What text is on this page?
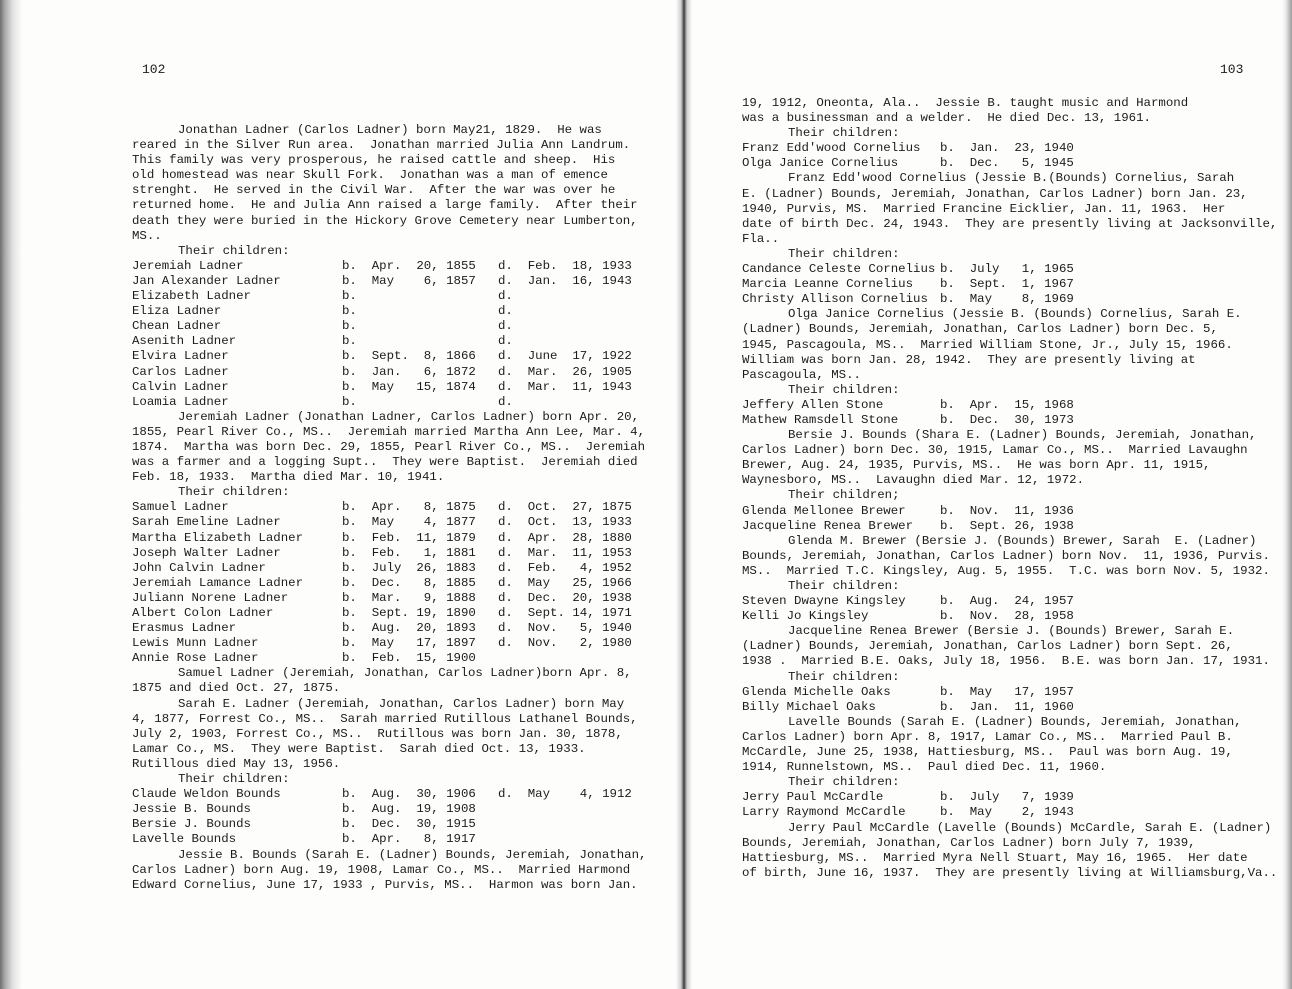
102
Jonathan Ladner (Carlos Ladner) born May21, 1829.  He was
reared in the Silver Run area.  Jonathan married Julia Ann Landrum.
This family was very prosperous, he raised cattle and sheep.  His
old homestead was near Skull Fork.  Jonathan was a man of emence
strenght.  He served in the Civil War.  After the war was over he
returned home.  He and Julia Ann raised a large family.  After their
death they were buried in the Hickory Grove Cemetery near Lumberton,
MS..
Their children:
Jeremiah Ladner	b.  Apr.  20, 1855 d.  Feb.  18, 1933
Jan Alexander Ladner	b.  May    6, 1857 d.  Jan.  16, 1943
Elizabeth Ladner	b.	d.
Eliza Ladner	b.	d.
Chean Ladner	b.	d.
Asenith Ladner	b.	d.
Elvira Ladner	b.  Sept.  8, 1866 d.  June  17, 1922
Carlos Ladner	b.  Jan.   6, 1872 d.  Mar.  26, 1905
Calvin Ladner	b.  May   15, 1874 d.  Mar.  11, 1943
Loamia Ladner	b.	d.
Jeremiah Ladner (Jonathan Ladner, Carlos Ladner) born Apr. 20,
1855, Pearl River Co., MS..  Jeremiah married Martha Ann Lee, Mar. 4,
1874.  Martha was born Dec. 29, 1855, Pearl River Co., MS..  Jeremiah
was a farmer and a logging Supt..  They were Baptist.  Jeremiah died
Feb. 18, 1933.  Martha died Mar. 10, 1941.
Their children:
Samuel Ladner	b.  Apr.   8, 1875 d.  Oct.  27, 1875
Sarah Emeline Ladner	b.  May    4, 1877 d.  Oct.  13, 1933
Martha Elizabeth Ladner	b.  Feb.  11, 1879 d.  Apr.  28, 1880
Joseph Walter Ladner	b.  Feb.   1, 1881 d.  Mar.  11, 1953
John Calvin Ladner	b.  July  26, 1883 d.  Feb.   4, 1952
Jeremiah Lamance Ladner	b.  Dec.   8, 1885 d.  May   25, 1966
Juliann Norene Ladner	b.  Mar.   9, 1888 d.  Dec.  20, 1938
Albert Colon Ladner	b.  Sept. 19, 1890 d.  Sept. 14, 1971
Erasmus Ladner	b.  Aug.  20, 1893 d.  Nov.   5, 1940
Lewis Munn Ladner	b.  May   17, 1897 d.  Nov.   2, 1980
Annie Rose Ladner	b.  Feb.  15, 1900
Samuel Ladner (Jeremiah, Jonathan, Carlos Ladner)born Apr. 8,
1875 and died Oct. 27, 1875.
Sarah E. Ladner (Jeremiah, Jonathan, Carlos Ladner) born May
4, 1877, Forrest Co., MS..  Sarah married Rutillous Lathanel Bounds,
July 2, 1903, Forrest Co., MS..  Rutillous was born Jan. 30, 1878,
Lamar Co., MS.  They were Baptist.  Sarah died Oct. 13, 1933.
Rutillous died May 13, 1956.
Their children:
Claude Weldon Bounds	b.  Aug.  30, 1906 d.  May    4, 1912
Jessie B. Bounds	b.  Aug.  19, 1908
Bersie J. Bounds	b.  Dec.  30, 1915
Lavelle Bounds	b.  Apr.   8, 1917
Jessie B. Bounds (Sarah E. (Ladner) Bounds, Jeremiah, Jonathan,
Carlos Ladner) born Aug. 19, 1908, Lamar Co., MS..  Married Harmond
Edward Cornelius, June 17, 1933 , Purvis, MS..  Harmon was born Jan.
103
19, 1912, Oneonta, Ala..  Jessie B. taught music and Harmond
was a businessman and a welder.  He died Dec. 13, 1961.
Their children:
Franz Edd'wood Cornelius b.  Jan.  23, 1940
Olga Janice Cornelius	b.  Dec.   5, 1945
Franz Edd'wood Cornelius (Jessie B.(Bounds) Cornelius, Sarah
E. (Ladner) Bounds, Jeremiah, Jonathan, Carlos Ladner) born Jan. 23,
1940, Purvis, MS.  Married Francine Eicklier, Jan. 11, 1963.  Her
date of birth Dec. 24, 1943.  They are presently living at Jacksonville,
Fla..
Their children:
Candance Celeste Cornelius b.  July   1, 1965
Marcia Leanne Cornelius b.  Sept.  1, 1967
Christy Allison Cornelius b.  May    8, 1969
Olga Janice Cornelius (Jessie B. (Bounds) Cornelius, Sarah E.
(Ladner) Bounds, Jeremiah, Jonathan, Carlos Ladner) born Dec. 5,
1945, Pascagoula, MS..  Married William Stone, Jr., July 15, 1966.
William was born Jan. 28, 1942.  They are presently living at
Pascagoula, MS..
Their children:
Jeffery Allen Stone	b.  Apr.  15, 1968
Mathew Ramsdell Stone	b.  Dec.  30, 1973
Bersie J. Bounds (Shara E. (Ladner) Bounds, Jeremiah, Jonathan,
Carlos Ladner) born Dec. 30, 1915, Lamar Co., MS..  Married Lavaughn
Brewer, Aug. 24, 1935, Purvis, MS..  He was born Apr. 11, 1915,
Waynesboro, MS..  Lavaughn died Mar. 12, 1972.
Their children;
Glenda Mellonee Brewer	b.  Nov.  11, 1936
Jacqueline Renea Brewer b.  Sept. 26, 1938
Glenda M. Brewer (Bersie J. (Bounds) Brewer, Sarah  E. (Ladner)
Bounds, Jeremiah, Jonathan, Carlos Ladner) born Nov.  11, 1936, Purvis.
MS..  Married T.C. Kingsley, Aug. 5, 1955.  T.C. was born Nov. 5, 1932.
Their children:
Steven Dwayne Kingsley	b.  Aug.  24, 1957
Kelli Jo Kingsley	b.  Nov.  28, 1958
Jacqueline Renea Brewer (Bersie J. (Bounds) Brewer, Sarah E.
(Ladner) Bounds, Jeremiah, Jonathan, Carlos Ladner) born Sept. 26,
1938 .  Married B.E. Oaks, July 18, 1956.  B.E. was born Jan. 17, 1931.
Their children:
Glenda Michelle Oaks	b.  May   17, 1957
Billy Michael Oaks	b.  Jan.  11, 1960
Lavelle Bounds (Sarah E. (Ladner) Bounds, Jeremiah, Jonathan,
Carlos Ladner) born Apr. 8, 1917, Lamar Co., MS..  Married Paul B.
McCardle, June 25, 1938, Hattiesburg, MS..  Paul was born Aug. 19,
1914, Runnelstown, MS..  Paul died Dec. 11, 1960.
Their children:
Jerry Paul McCardle	b.  July   7, 1939
Larry Raymond McCardle	b.  May    2, 1943
Jerry Paul McCardle (Lavelle (Bounds) McCardle, Sarah E. (Ladner)
Bounds, Jeremiah, Jonathan, Carlos Ladner) born July 7, 1939,
Hattiesburg, MS..  Married Myra Nell Stuart, May 16, 1965.  Her date
of birth, June 16, 1937.  They are presently living at Williamsburg,Va..
